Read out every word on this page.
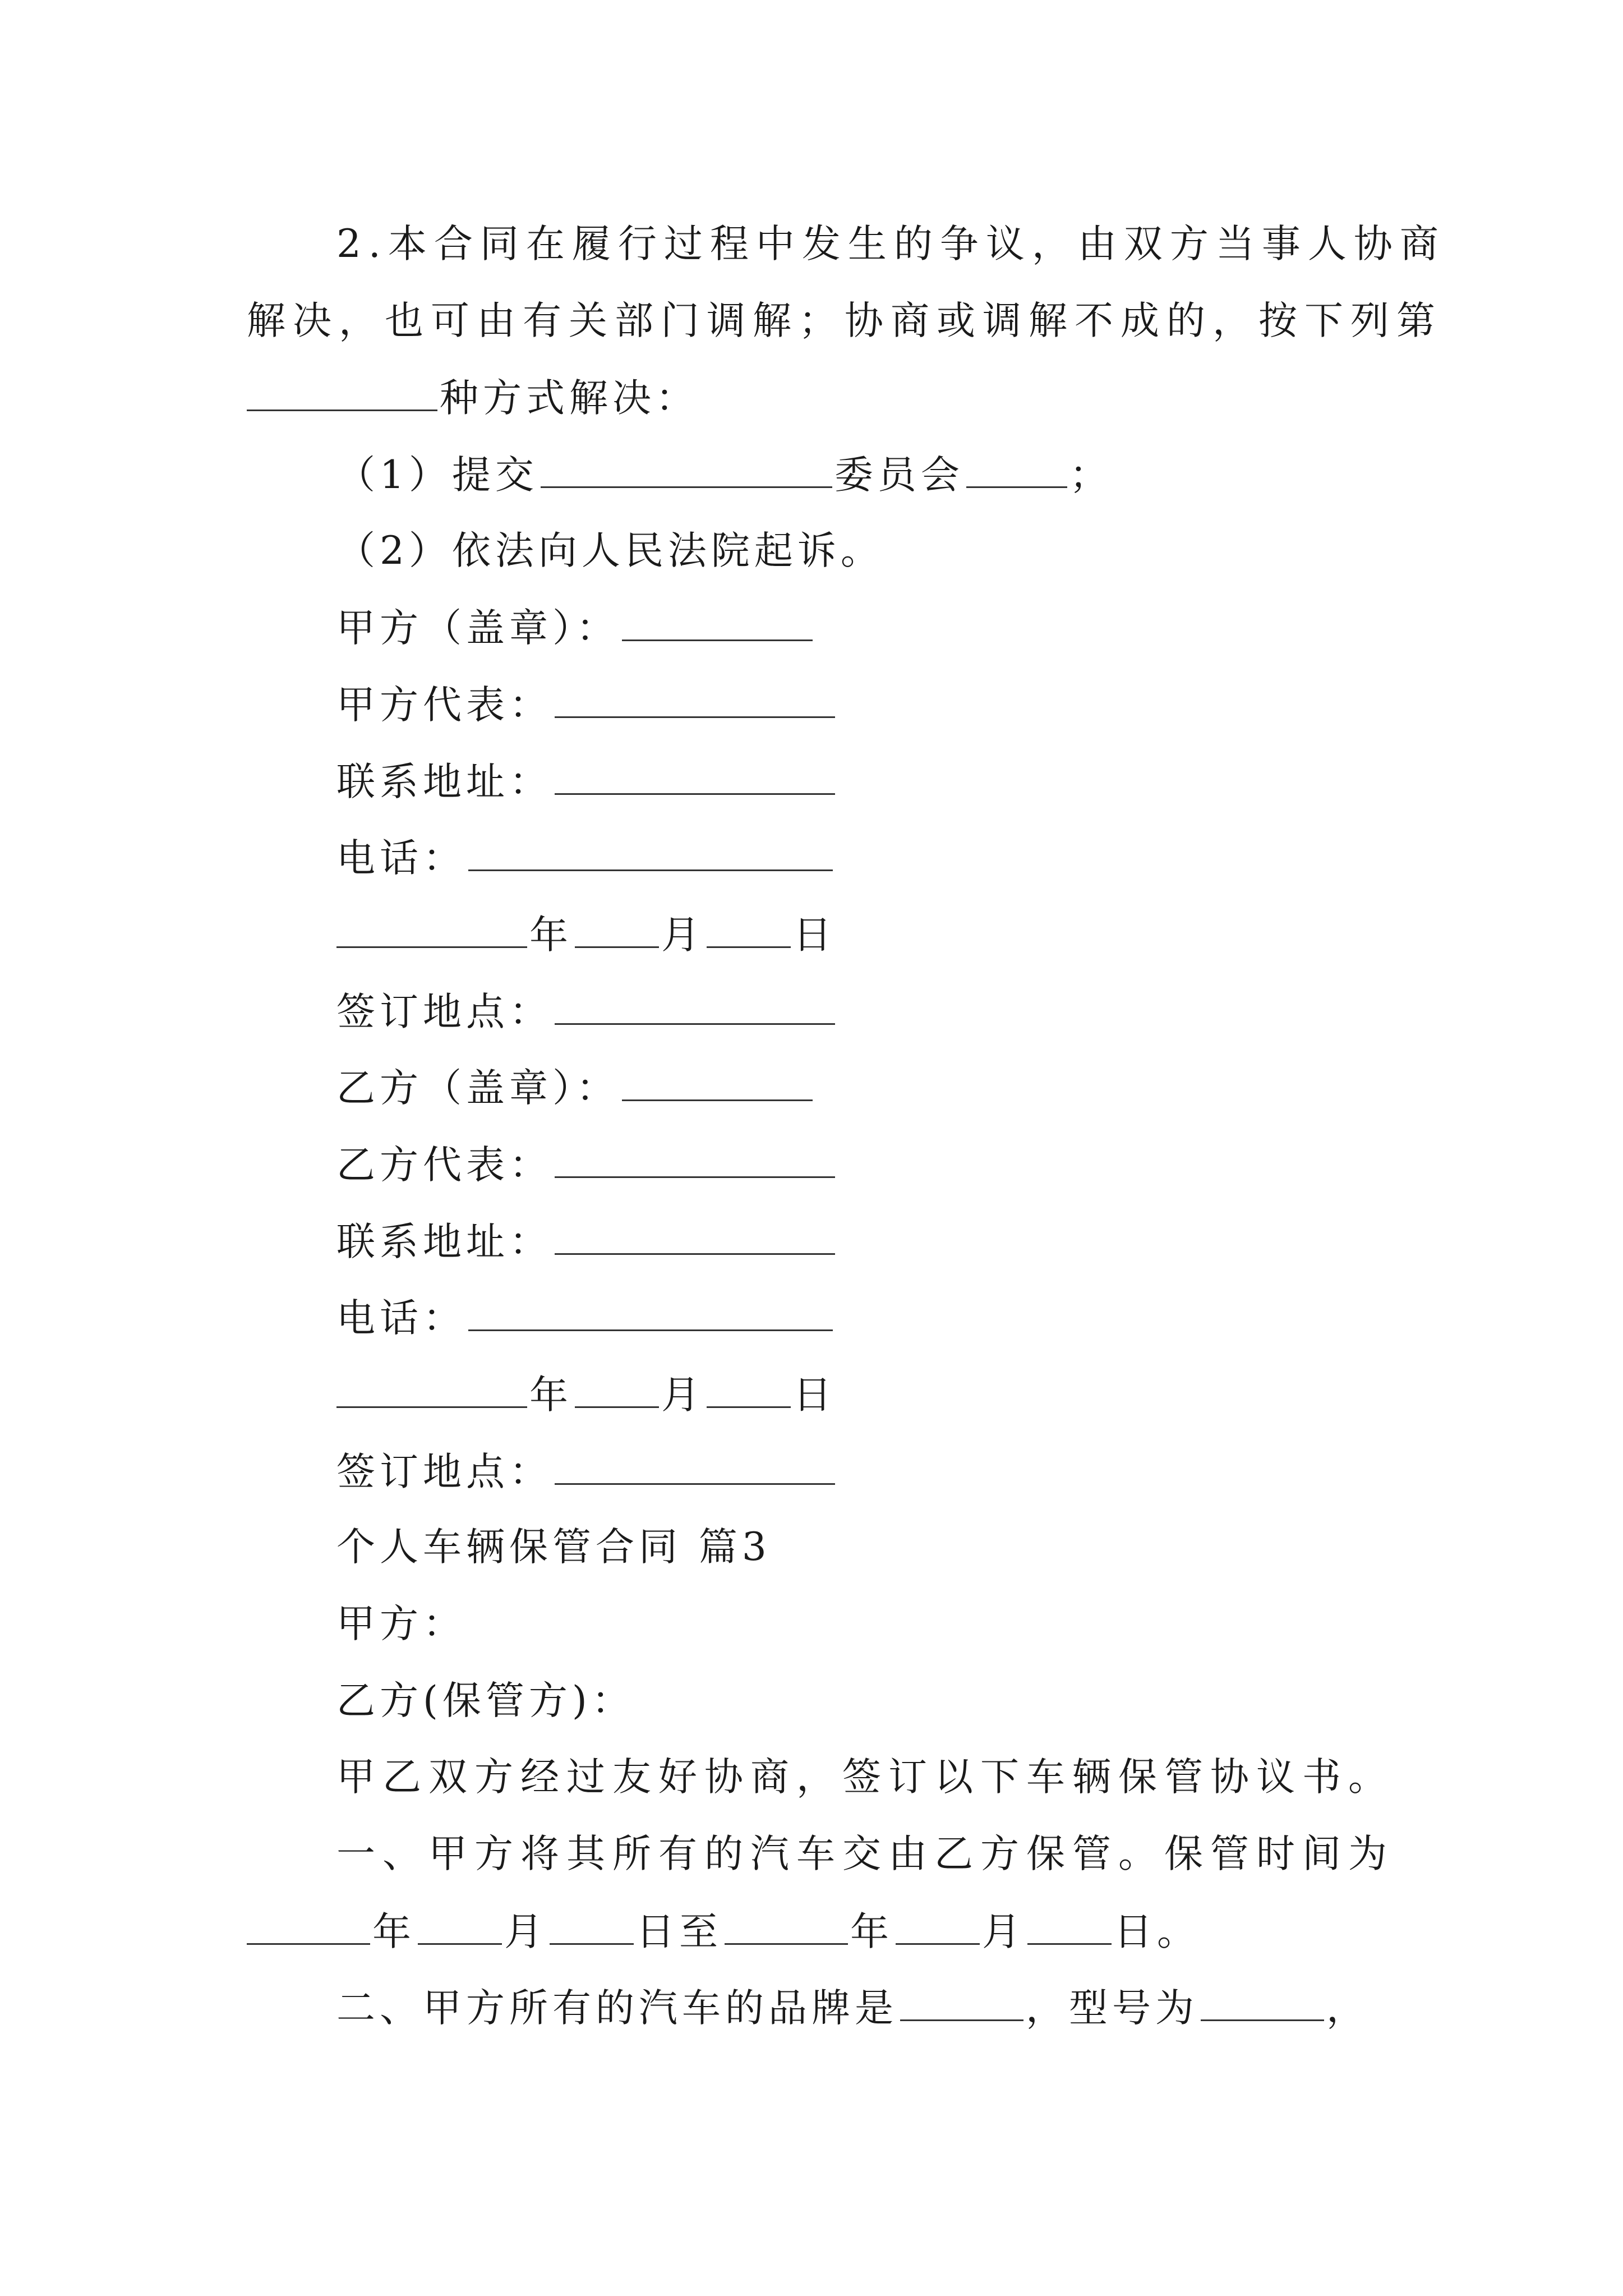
2.本合同在履行过程中发生的争议，由双方当事人协商
解决，也可由有关部门调解；协商或调解不成的，按下列第
种方式解决：
（1）提交	委员会	；
（2）依法向人民法院起诉。
甲方（盖章）：
甲方代表：
联系地址：
电话：
年 月 日
签订地点：
乙方（盖章）：
乙方代表：
联系地址：
电话：
年 月 日
签订地点：
个人车辆保管合同 篇3
甲方：
乙方(保管方)：
甲乙双方经过友好协商，签订以下车辆保管协议书。
一、甲方将其所有的汽车交由乙方保管。保管时间为
年 月 日至	年 月 日。
二、甲方所有的汽车的品牌是	，型号为	，
